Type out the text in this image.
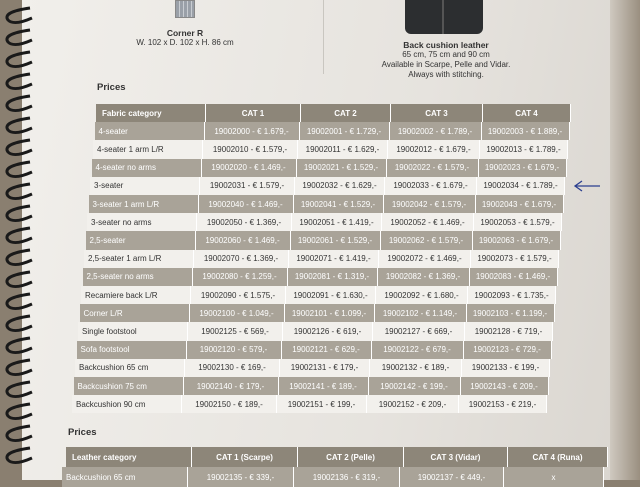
Corner R
W. 102 x D. 102 x H. 86 cm	Back cushion leather
65 cm, 75 cm and 90 cm
Available in Scarpe, Pelle and Vidar.
Always with stitching.
Prices
Fabric category	CAT 1	CAT 2	CAT 3	CAT 4
4-seater	19002000 - € 1.679,-	19002001 - € 1.729,-	19002002 - € 1.789,-	19002003 - € 1.889,-
4-seater 1 arm L/R	19002010 - € 1.579,-	19002011 - € 1.629,-	19002012 - € 1.679,-	19002013 - € 1.789,-
4-seater no arms	19002020 - € 1.469,-	19002021 - € 1.529,-	19002022 - € 1.579,-	19002023 - € 1.679,-
3-seater	19002031 - € 1.579,-	19002032 - € 1.629,-	19002033 - € 1.679,-	19002034 - € 1.789,-
3-seater 1 arm L/R	19002040 - € 1.469,-	19002041 - € 1.529,-	19002042 - € 1.579,-	19002043 - € 1.679,-
3-seater no arms	19002050 - € 1.369,-	19002051 - € 1.419,-	19002052 - € 1.469,-	19002053 - € 1.579,-
2,5-seater	19002060 - € 1.469,-	19002061 - € 1.529,-	19002062 - € 1.579,-	19002063 - € 1.679,-
2,5-seater 1 arm L/R	19002070 - € 1.369,-	19002071 - € 1.419,-	19002072 - € 1.469,-	19002073 - € 1.579,-
2,5-seater no arms	19002080 - € 1.259,-	19002081 - € 1.319,-	19002082 - € 1.369,-	19002083 - € 1.469,-
Recamiere back L/R	19002090 - € 1.575,-	19002091 - € 1.630,-	19002092 - € 1.680,-	19002093 - € 1.735,-
Corner L/R	19002100 - € 1.049,-	19002101 - € 1.099,-	19002102 - € 1.149,-	19002103 - € 1.199,-
Single footstool	19002125 - € 569,-	19002126 - € 619,-	19002127 - € 669,-	19002128 - € 719,-
Sofa footstool	19002120 - € 579,-	19002121 - € 629,-	19002122 - € 679,-	19002123 - € 729,-
Backcushion 65 cm	19002130 - € 169,-	19002131 - € 179,-	19002132 - € 189,-	19002133 - € 199,-
Backcushion 75 cm	19002140 - € 179,-	19002141 - € 189,-	19002142 - € 199,-	19002143 - € 209,-
Backcushion 90 cm	19002150 - € 189,-	19002151 - € 199,-	19002152 - € 209,-	19002153 - € 219,-
Prices
Leather category	CAT 1 (Scarpe)	CAT 2 (Pelle)	CAT 3 (Vidar)	CAT 4 (Runa)
Backcushion 65 cm	19002135 - € 339,-	19002136 - € 319,-	19002137 - € 449,-	x
